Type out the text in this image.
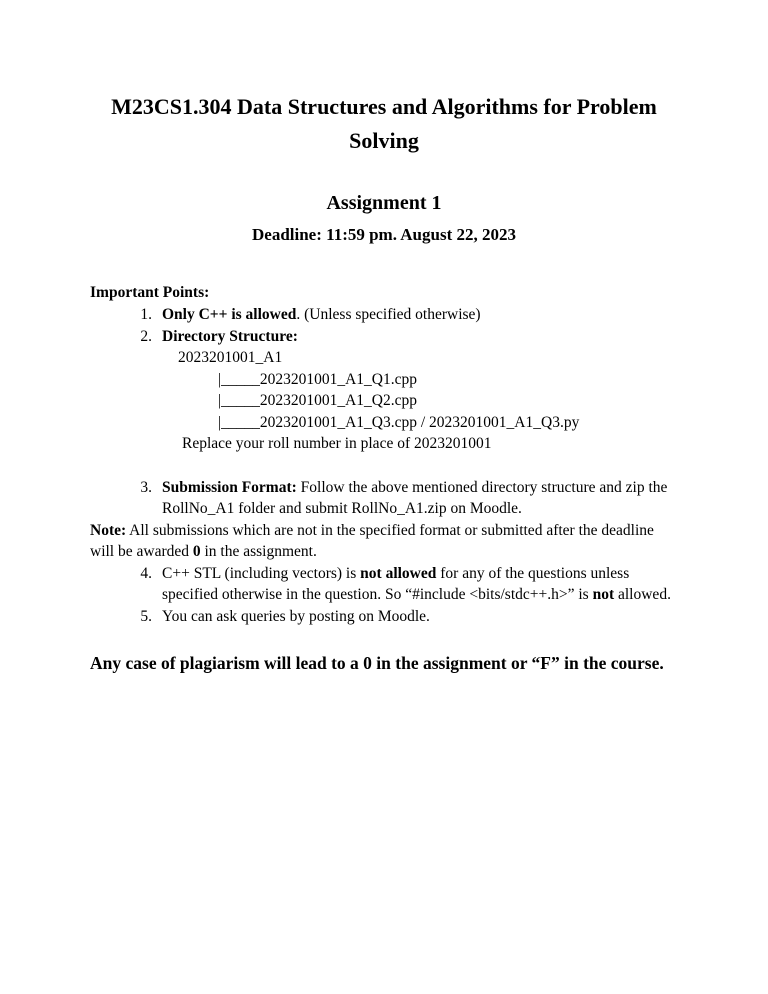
M23CS1.304 Data Structures and Algorithms for Problem Solving
Assignment 1
Deadline: 11:59 pm. August 22, 2023
Important Points:
1. Only C++ is allowed. (Unless specified otherwise)
2. Directory Structure:
2023201001_A1
|_____2023201001_A1_Q1.cpp
|_____2023201001_A1_Q2.cpp
|_____2023201001_A1_Q3.cpp / 2023201001_A1_Q3.py
Replace your roll number in place of 2023201001
3. Submission Format: Follow the above mentioned directory structure and zip the RollNo_A1 folder and submit RollNo_A1.zip on Moodle.
Note: All submissions which are not in the specified format or submitted after the deadline will be awarded 0 in the assignment.
4. C++ STL (including vectors) is not allowed for any of the questions unless specified otherwise in the question. So “#include <bits/stdc++.h>” is not allowed.
5. You can ask queries by posting on Moodle.
Any case of plagiarism will lead to a 0 in the assignment or “F” in the course.
